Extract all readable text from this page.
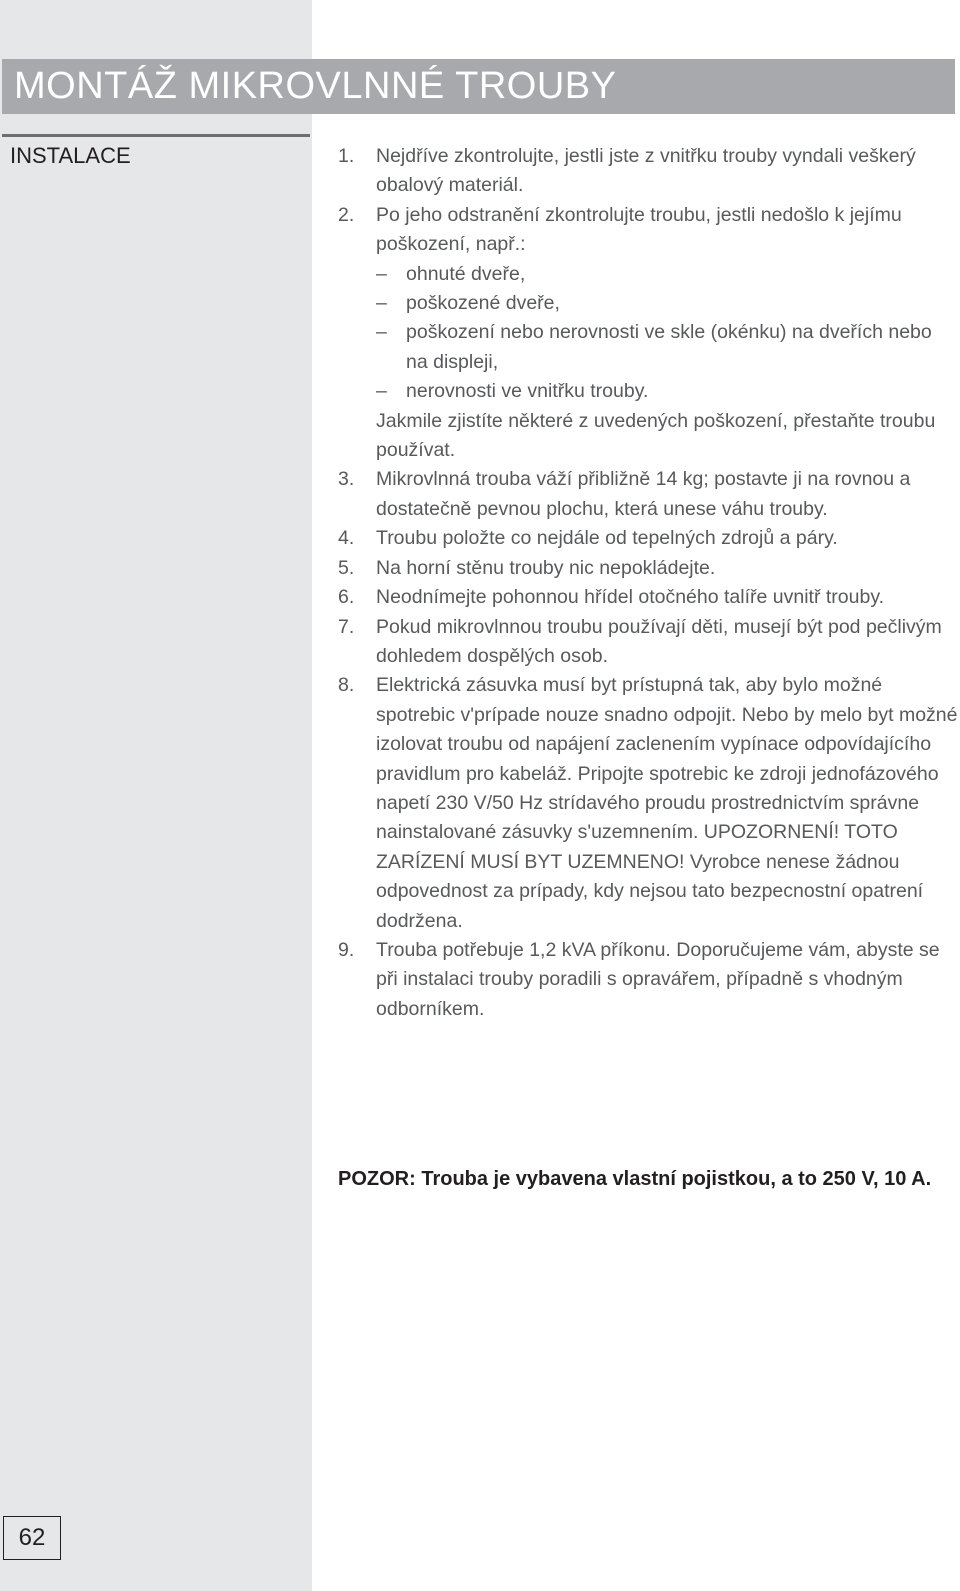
MONTÁŽ MIKROVLNNÉ TROUBY
INSTALACE	1. Nejdříve zkontrolujte, jestli jste z vnitřku trouby vyndali veškerý obalový materiál.
2. Po jeho odstranění zkontrolujte troubu, jestli nedošlo k jejímu poškození, např.:
– ohnuté dveře,
– poškozené dveře,
– poškození nebo nerovnosti ve skle (okénku) na dveřích nebo na displeji,
– nerovnosti ve vnitřku trouby.
Jakmile zjistíte některé z uvedených poškození, přestaňte troubu používat.
3. Mikrovlnná trouba váží přibližně 14 kg; postavte ji na rovnou a dostatečně pevnou plochu, která unese váhu trouby.
4. Troubu položte co nejdále od tepelných zdrojů a páry.
5. Na horní stěnu trouby nic nepokládejte.
6. Neodnímejte pohonnou hřídel otočného talíře uvnitř trouby.
7. Pokud mikrovlnnou troubu používají děti, musejí být pod pečlivým dohledem dospělých osob.
8. Elektrická zásuvka musí byt prístupná tak, aby bylo možné spotrebic v'prípade nouze snadno odpojit. Nebo by melo byt možné izolovat troubu od napájení zaclenením vypínace odpovídajícího pravidlum pro kabeláž. Pripojte spotrebic ke zdroji jednofázového napetí 230 V/50 Hz strídavého proudu prostrednictvím správne nainstalované zásuvky s'uzemnením. UPOZORNENÍ! TOTO ZARÍZENÍ MUSÍ BYT UZEMNENO! Vyrobce nenese žádnou odpovednost za prípady, kdy nejsou tato bezpecnostní opatrení dodržena.
9. Trouba potřebuje 1,2 kVA příkonu. Doporučujeme vám, abyste se při instalaci trouby poradili s opravářem, případně s vhodným odborníkem.
POZOR: Trouba je vybavena vlastní pojistkou, a to 250 V, 10 A.
62
